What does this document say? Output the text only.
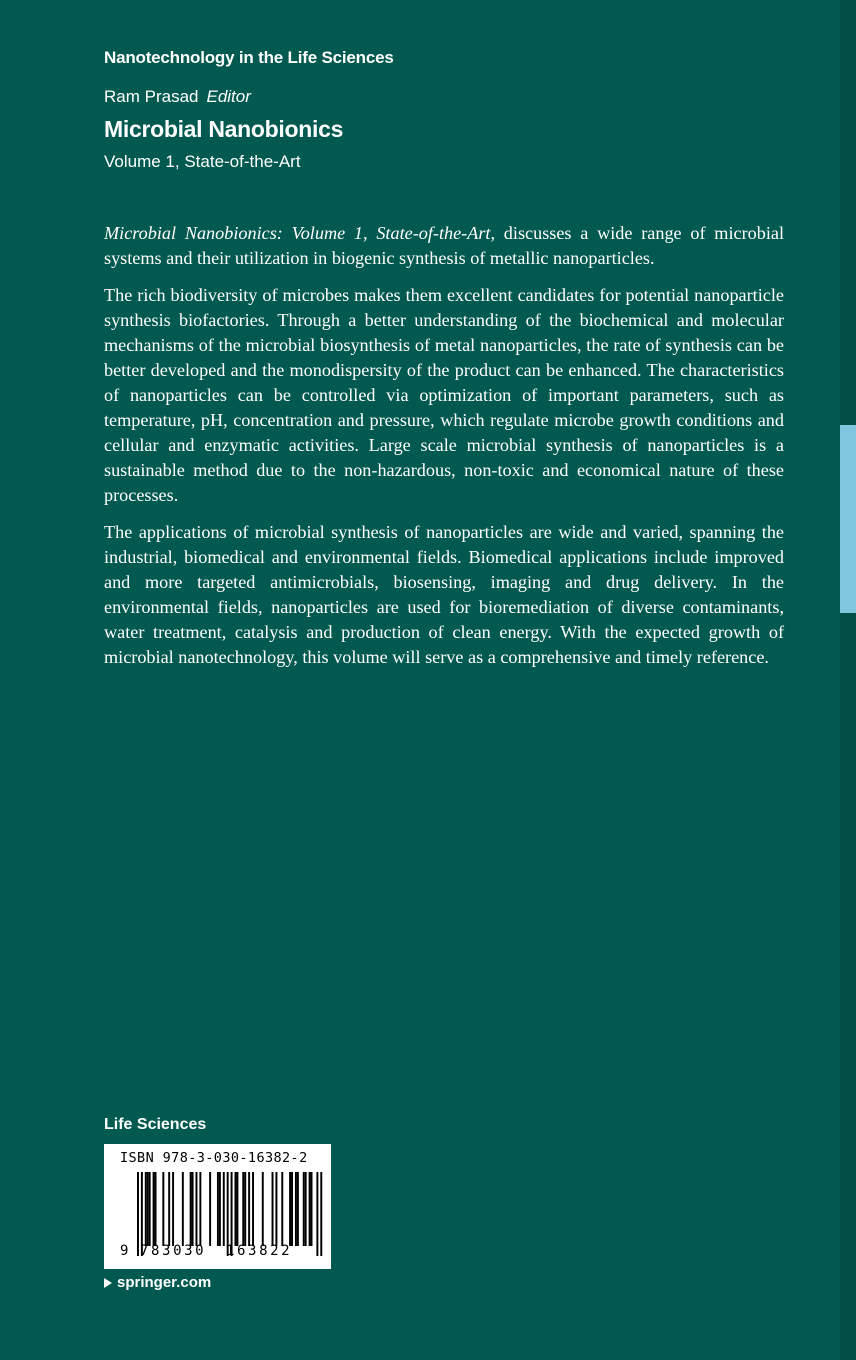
Nanotechnology in the Life Sciences
Ram Prasad Editor
Microbial Nanobionics
Volume 1, State-of-the-Art

Microbial Nanobionics: Volume 1, State-of-the-Art, discusses a wide range of microbial systems and their utilization in biogenic synthesis of metallic nanoparticles.

The rich biodiversity of microbes makes them excellent candidates for potential nanoparticle synthesis biofactories. Through a better understanding of the biochemical and molecular mechanisms of the microbial biosynthesis of metal nanoparticles, the rate of synthesis can be better developed and the monodispersity of the product can be enhanced. The characteristics of nanoparticles can be controlled via optimization of important parameters, such as temperature, pH, concentration and pressure, which regulate microbe growth conditions and cellular and enzymatic activities. Large scale microbial synthesis of nanoparticles is a sustainable method due to the non-hazardous, non-toxic and economical nature of these processes.

The applications of microbial synthesis of nanoparticles are wide and varied, spanning the industrial, biomedical and environmental fields. Biomedical applications include improved and more targeted antimicrobials, biosensing, imaging and drug delivery. In the environmental fields, nanoparticles are used for bioremediation of diverse contaminants, water treatment, catalysis and production of clean energy. With the expected growth of microbial nanotechnology, this volume will serve as a comprehensive and timely reference.

Life Sciences
ISBN 978-3-030-16382-2
9 783030 163822
springer.com
